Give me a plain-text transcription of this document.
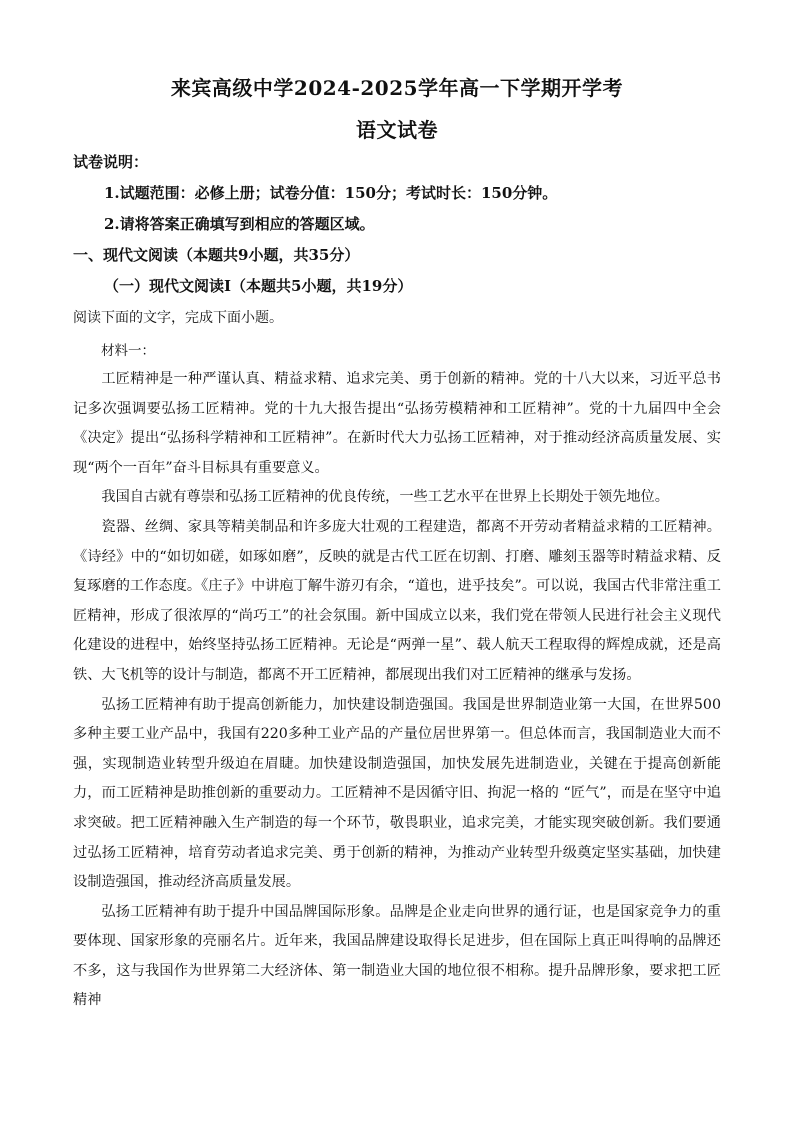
来宾高级中学2024-2025学年高一下学期开学考
语文试卷
试卷说明：
1.试题范围：必修上册；试卷分值：150分；考试时长：150分钟。
2.请将答案正确填写到相应的答题区域。
一、现代文阅读（本题共9小题，共35分）
（一）现代文阅读Ⅰ（本题共5小题，共19分）
阅读下面的文字，完成下面小题。
材料一：

工匠精神是一种严谨认真、精益求精、追求完美、勇于创新的精神。党的十八大以来，习近平总书记多次强调要弘扬工匠精神。党的十九大报告提出“弘扬劳模精神和工匠精神”。党的十九届四中全会《决定》提出“弘扬科学精神和工匠精神”。在新时代大力弘扬工匠精神，对于推动经济高质量发展、实现“两个一百年”奋斗目标具有重要意义。

我国自古就有尊崇和弘扬工匠精神的优良传统，一些工艺水平在世界上长期处于领先地位。

瓷器、丝绸、家具等精美制品和许多庞大壮观的工程建造，都离不开劳动者精益求精的工匠精神。《诗经》中的“如切如磋，如琢如磨”，反映的就是古代工匠在切割、打磨、雕刻玉器等时精益求精、反复琢磨的工作态度。《庄子》中讲庖丁解牛游刃有余，“道也，进乎技矣”。可以说，我国古代非常注重工匠精神，形成了很浓厚的“尚巧工”的社会氛围。新中国成立以来，我们党在带领人民进行社会主义现代化建设的进程中，始终坚持弘扬工匠精神。无论是“两弹一星”、载人航天工程取得的辉煌成就，还是高铁、大飞机等的设计与制造，都离不开工匠精神，都展现出我们对工匠精神的继承与发扬。

弘扬工匠精神有助于提高创新能力，加快建设制造强国。我国是世界制造业第一大国，在世界500多种主要工业产品中，我国有220多种工业产品的产量位居世界第一。但总体而言，我国制造业大而不强，实现制造业转型升级迫在眉睫。加快建设制造强国，加快发展先进制造业，关键在于提高创新能力，而工匠精神是助推创新的重要动力。工匠精神不是因循守旧、拘泥一格的 “匠气”，而是在坚守中追求突破。把工匠精神融入生产制造的每一个环节，敬畏职业，追求完美，才能实现突破创新。我们要通过弘扬工匠精神，培育劳动者追求完美、勇于创新的精神，为推动产业转型升级奠定坚实基础，加快建设制造强国，推动经济高质量发展。

弘扬工匠精神有助于提升中国品牌国际形象。品牌是企业走向世界的通行证，也是国家竞争力的重要体现、国家形象的亮丽名片。近年来，我国品牌建设取得长足进步，但在国际上真正叫得响的品牌还不多，这与我国作为世界第二大经济体、第一制造业大国的地位很不相称。提升品牌形象，要求把工匠精神
